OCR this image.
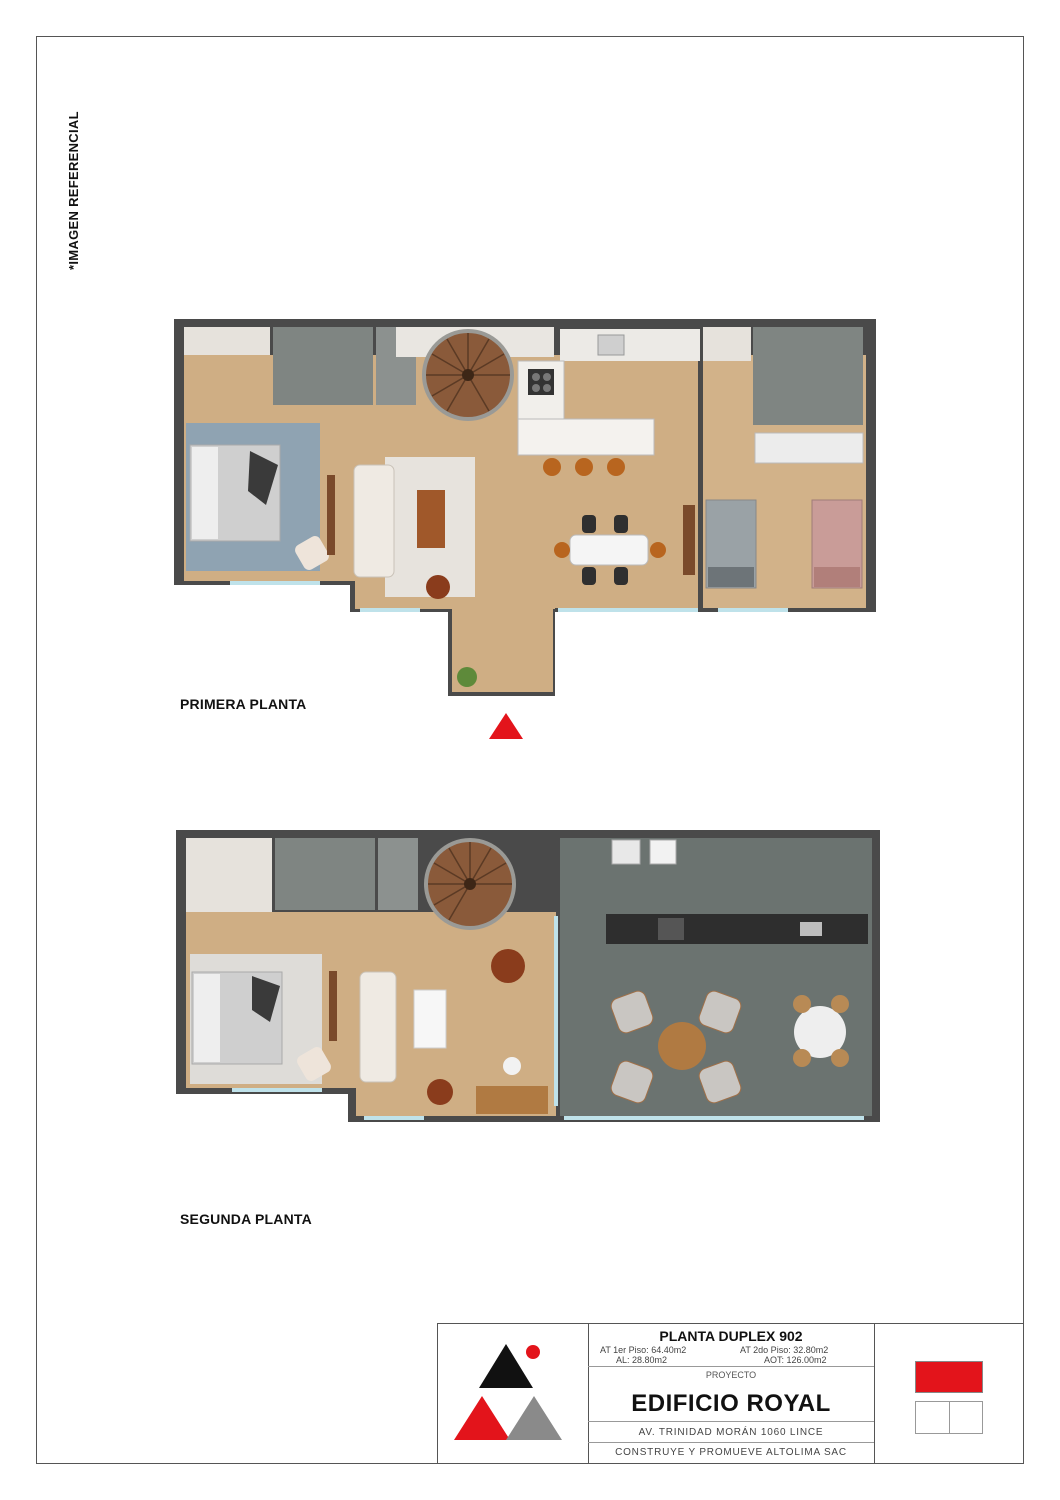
*IMAGEN REFERENCIAL
PRIMERA PLANTA
SEGUNDA PLANTA
PLANTA DUPLEX 902
AT 1er Piso: 64.40m2	AT 2do Piso: 32.80m2
AL: 28.80m2	AOT: 126.00m2
PROYECTO
EDIFICIO ROYAL
AV. TRINIDAD MORÁN 1060 LINCE
CONSTRUYE Y PROMUEVE ALTOLIMA SAC
